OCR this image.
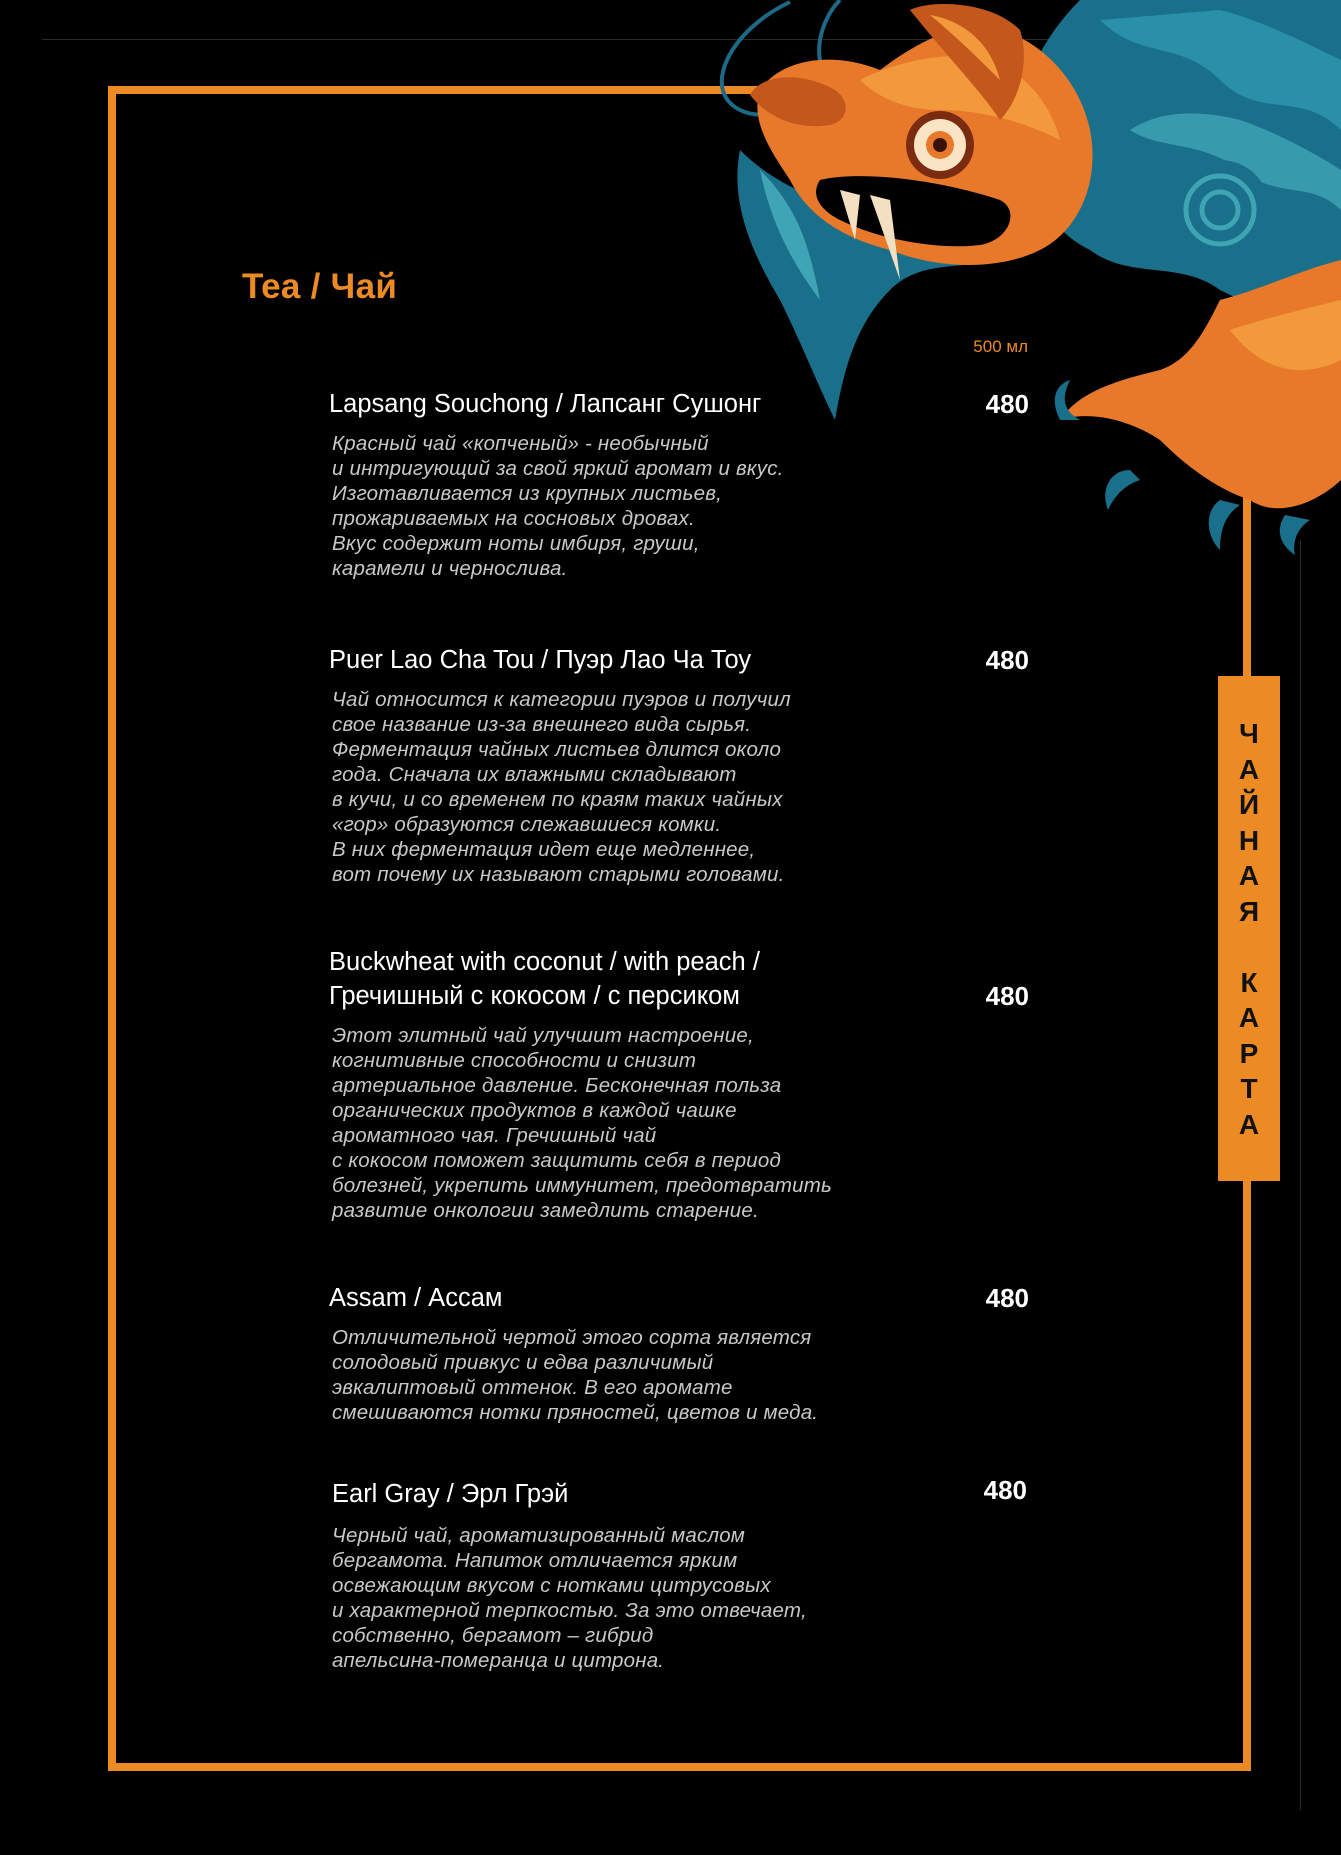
Tea / Чай
500 мл
480
Lapsang Souchong / Лапсанг Сушонг
Красный чай «копченый» - необычный
и интригующий за свой яркий аромат и вкус.
Изготавливается из крупных листьев,
прожариваемых на сосновых дровах.
Вкус содержит ноты имбиря, груши,
карамели и чернослива.
480
Puer Lao Cha Tou / Пуэр Лао Ча Тоу
Чай относится к категории пуэров и получил
свое название из-за внешнего вида сырья.
Ферментация чайных листьев длится около
года. Сначала их влажными складывают
в кучи, и со временем по краям таких чайных
«гор» образуются слежавшиеся комки.
В них ферментация идет еще медленнее,
вот почему их называют старыми головами.
480
Buckwheat with coconut / with peach / Гречишный с кокосом / с персиком
Этот элитный чай улучшит настроение,
когнитивные способности и снизит
артериальное давление. Бесконечная польза
органических продуктов в каждой чашке
ароматного чая. Гречишный чай
с кокосом поможет защитить себя в период
болезней, укрепить иммунитет, предотвратить
развитие онкологии замедлить старение.
480
Assam / Ассам
Отличительной чертой этого сорта является
солодовый привкус и едва различимый
эвкалиптовый оттенок. В его аромате
смешиваются нотки пряностей, цветов и меда.
480
Earl Gray / Эрл Грэй
Черный чай, ароматизированный маслом
бергамота. Напиток отличается ярким
освежающим вкусом с нотками цитрусовых
и характерной терпкостью. За это отвечает,
собственно, бергамот – гибрид
апельсина-померанца и цитрона.
Ч
А
Й
Н
А
Я

К
А
Р
Т
А
